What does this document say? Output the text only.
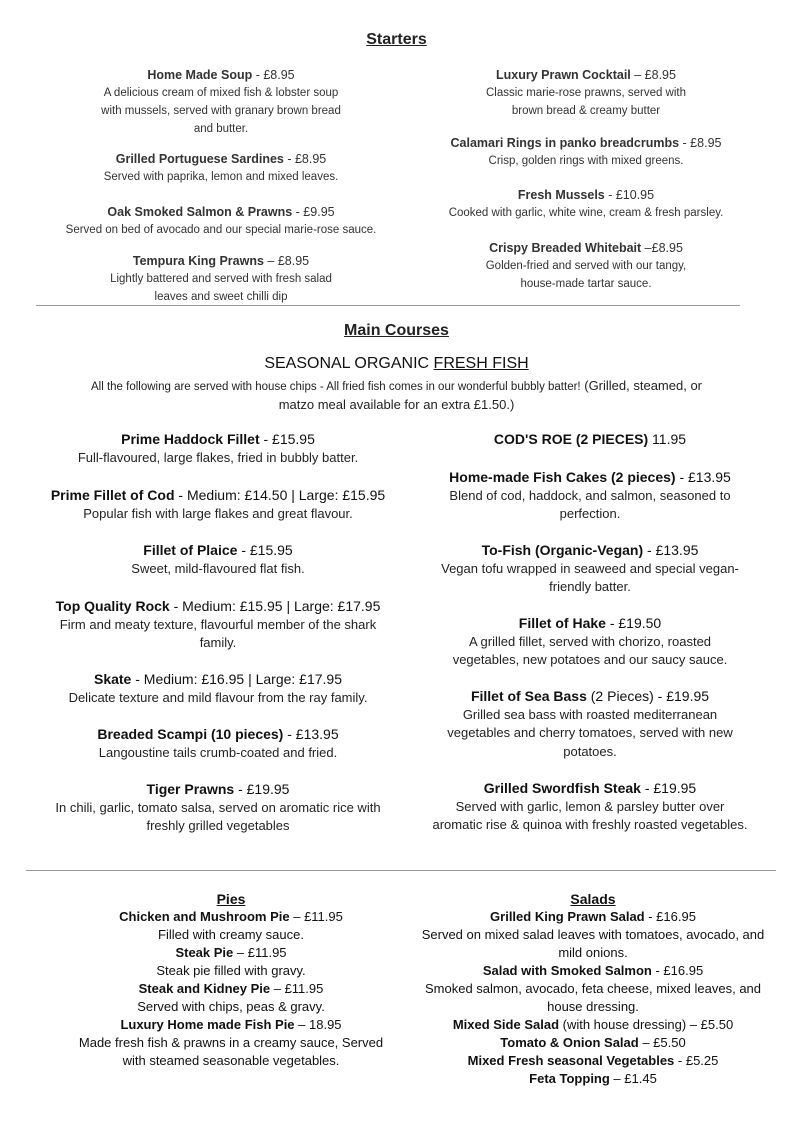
Starters
Home Made Soup - £8.95
A delicious cream of mixed fish & lobster soup
with mussels, served with granary brown bread
and butter.
Grilled Portuguese Sardines - £8.95
Served with paprika, lemon and mixed leaves.
Oak Smoked Salmon & Prawns - £9.95
Served on bed of avocado and our special marie-rose sauce.
Tempura King Prawns – £8.95
Lightly battered and served with fresh salad
leaves and sweet chilli dip
Luxury Prawn Cocktail – £8.95
Classic marie-rose prawns, served with
brown bread & creamy butter
Calamari Rings in panko breadcrumbs - £8.95
Crisp, golden rings with mixed greens.
Fresh Mussels - £10.95
Cooked with garlic, white wine, cream & fresh parsley.
Crispy Breaded Whitebait –£8.95
Golden-fried and served with our tangy,
house-made tartar sauce.
Main Courses
SEASONAL ORGANIC FRESH FISH
All the following are served with house chips - All fried fish comes in our wonderful bubbly batter! (Grilled, steamed, or
matzo meal available for an extra £1.50.)
Prime Haddock Fillet - £15.95
Full-flavoured, large flakes, fried in bubbly batter.
Prime Fillet of Cod - Medium: £14.50 | Large: £15.95
Popular fish with large flakes and great flavour.
Fillet of Plaice - £15.95
Sweet, mild-flavoured flat fish.
Top Quality Rock - Medium: £15.95 | Large: £17.95
Firm and meaty texture, flavourful member of the shark
family.
Skate - Medium: £16.95 | Large: £17.95
Delicate texture and mild flavour from the ray family.
Breaded Scampi (10 pieces) - £13.95
Langoustine tails crumb-coated and fried.
Tiger Prawns - £19.95
In chili, garlic, tomato salsa, served on aromatic rice with
freshly grilled vegetables
COD'S ROE (2 PIECES) 11.95
Home-made Fish Cakes (2 pieces) - £13.95
Blend of cod, haddock, and salmon, seasoned to
perfection.
To-Fish (Organic-Vegan) - £13.95
Vegan tofu wrapped in seaweed and special vegan-
friendly batter.
Fillet of Hake - £19.50
A grilled fillet, served with chorizo, roasted
vegetables, new potatoes and our saucy sauce.
Fillet of Sea Bass (2 Pieces) - £19.95
Grilled sea bass with roasted mediterranean
vegetables and cherry tomatoes, served with new
potatoes.
Grilled Swordfish Steak - £19.95
Served with garlic, lemon & parsley butter over
aromatic rise & quinoa with freshly roasted vegetables.
Pies
Chicken and Mushroom Pie – £11.95
Filled with creamy sauce.
Steak Pie – £11.95
Steak pie filled with gravy.
Steak and Kidney Pie – £11.95
Served with chips, peas & gravy.
Luxury Home made Fish Pie – 18.95
Made fresh fish & prawns in a creamy sauce, Served
with steamed seasonable vegetables.
Salads
Grilled King Prawn Salad - £16.95
Served on mixed salad leaves with tomatoes, avocado, and
mild onions.
Salad with Smoked Salmon - £16.95
Smoked salmon, avocado, feta cheese, mixed leaves, and
house dressing.
Mixed Side Salad (with house dressing) – £5.50
Tomato & Onion Salad – £5.50
Mixed Fresh seasonal Vegetables - £5.25
Feta Topping – £1.45
